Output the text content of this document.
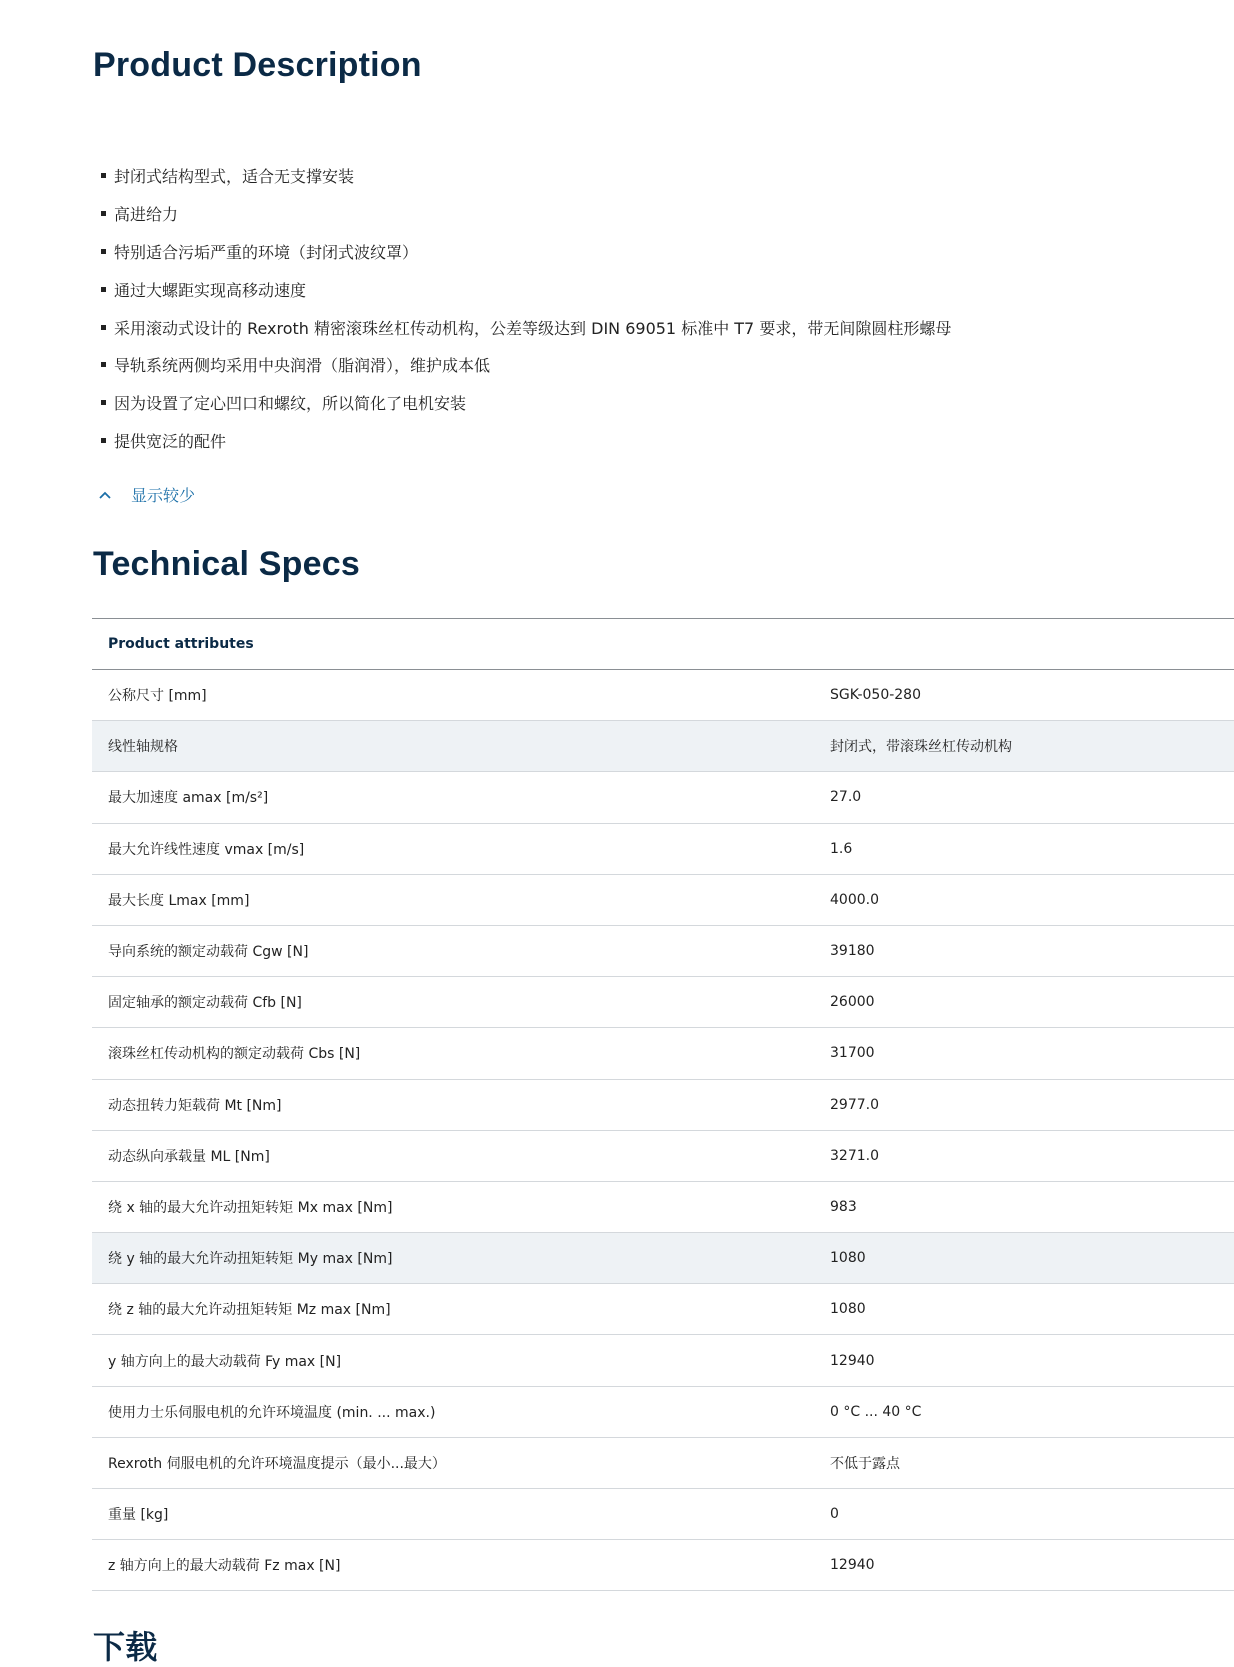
Product Description
封闭式结构型式，适合无支撑安装
高进给力
特别适合污垢严重的环境（封闭式波纹罩）
通过大螺距实现高移动速度
采用滚动式设计的 Rexroth 精密滚珠丝杠传动机构，公差等级达到 DIN 69051 标准中 T7 要求，带无间隙圆柱形螺母
导轨系统两侧均采用中央润滑（脂润滑），维护成本低
因为设置了定心凹口和螺纹，所以简化了电机安装
提供宽泛的配件
显示较少
Technical Specs
Product attributes
公称尺寸 [mm]	SGK-050-280
线性轴规格	封闭式，带滚珠丝杠传动机构
最大加速度 amax [m/s²]	27.0
最大允许线性速度 vmax [m/s]	1.6
最大长度 Lmax [mm]	4000.0
导向系统的额定动载荷 Cgw [N]	39180
固定轴承的额定动载荷 Cfb [N]	26000
滚珠丝杠传动机构的额定动载荷 Cbs [N]	31700
动态扭转力矩载荷 Mt [Nm]	2977.0
动态纵向承载量 ML [Nm]	3271.0
绕 x 轴的最大允许动扭矩转矩 Mx max [Nm]	983
绕 y 轴的最大允许动扭矩转矩 My max [Nm]	1080
绕 z 轴的最大允许动扭矩转矩 Mz max [Nm]	1080
y 轴方向上的最大动载荷 Fy max [N]	12940
使用力士乐伺服电机的允许环境温度 (min. ... max.)	0 °C ... 40 °C
Rexroth 伺服电机的允许环境温度提示（最小...最大）	不低于露点
重量 [kg]	0
z 轴方向上的最大动载荷 Fz max [N]	12940
下载
